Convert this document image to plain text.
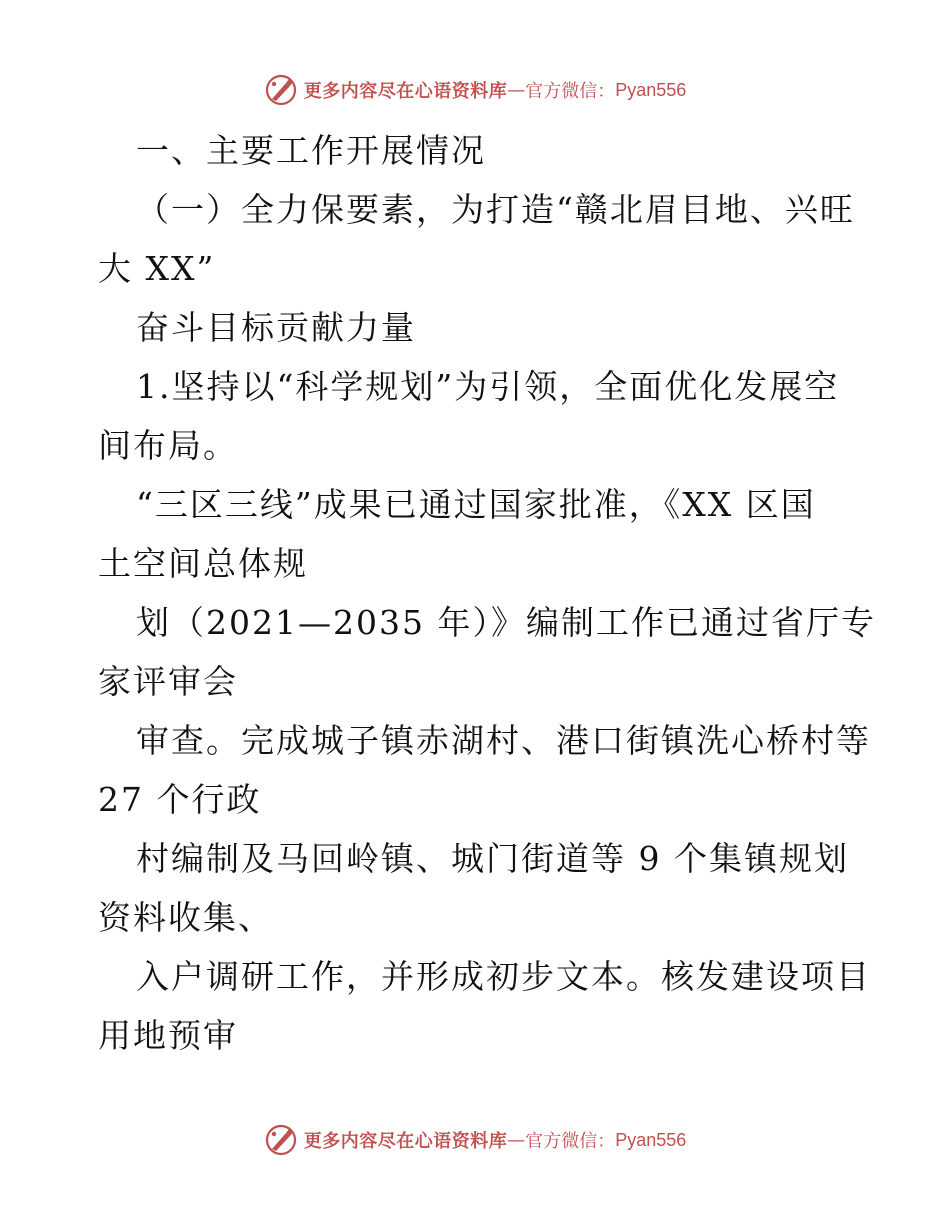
更多内容尽在心语资料库 — 官方微信： Pyan556
一、主要工作开展情况
（一）全力保要素，为打造“赣北眉目地、兴旺
大 XX”
奋斗目标贡献力量
1.坚持以“科学规划”为引领，全面优化发展空
间布局。
“三区三线”成果已通过国家批准，《XX 区国
土空间总体规
划（2021—2035 年）》编制工作已通过省厅专
家评审会
审查。完成城子镇赤湖村、港口街镇洗心桥村等
27 个行政
村编制及马回岭镇、城门街道等 9 个集镇规划
资料收集、
入户调研工作，并形成初步文本。核发建设项目
用地预审
更多内容尽在心语资料库 — 官方微信： Pyan556
